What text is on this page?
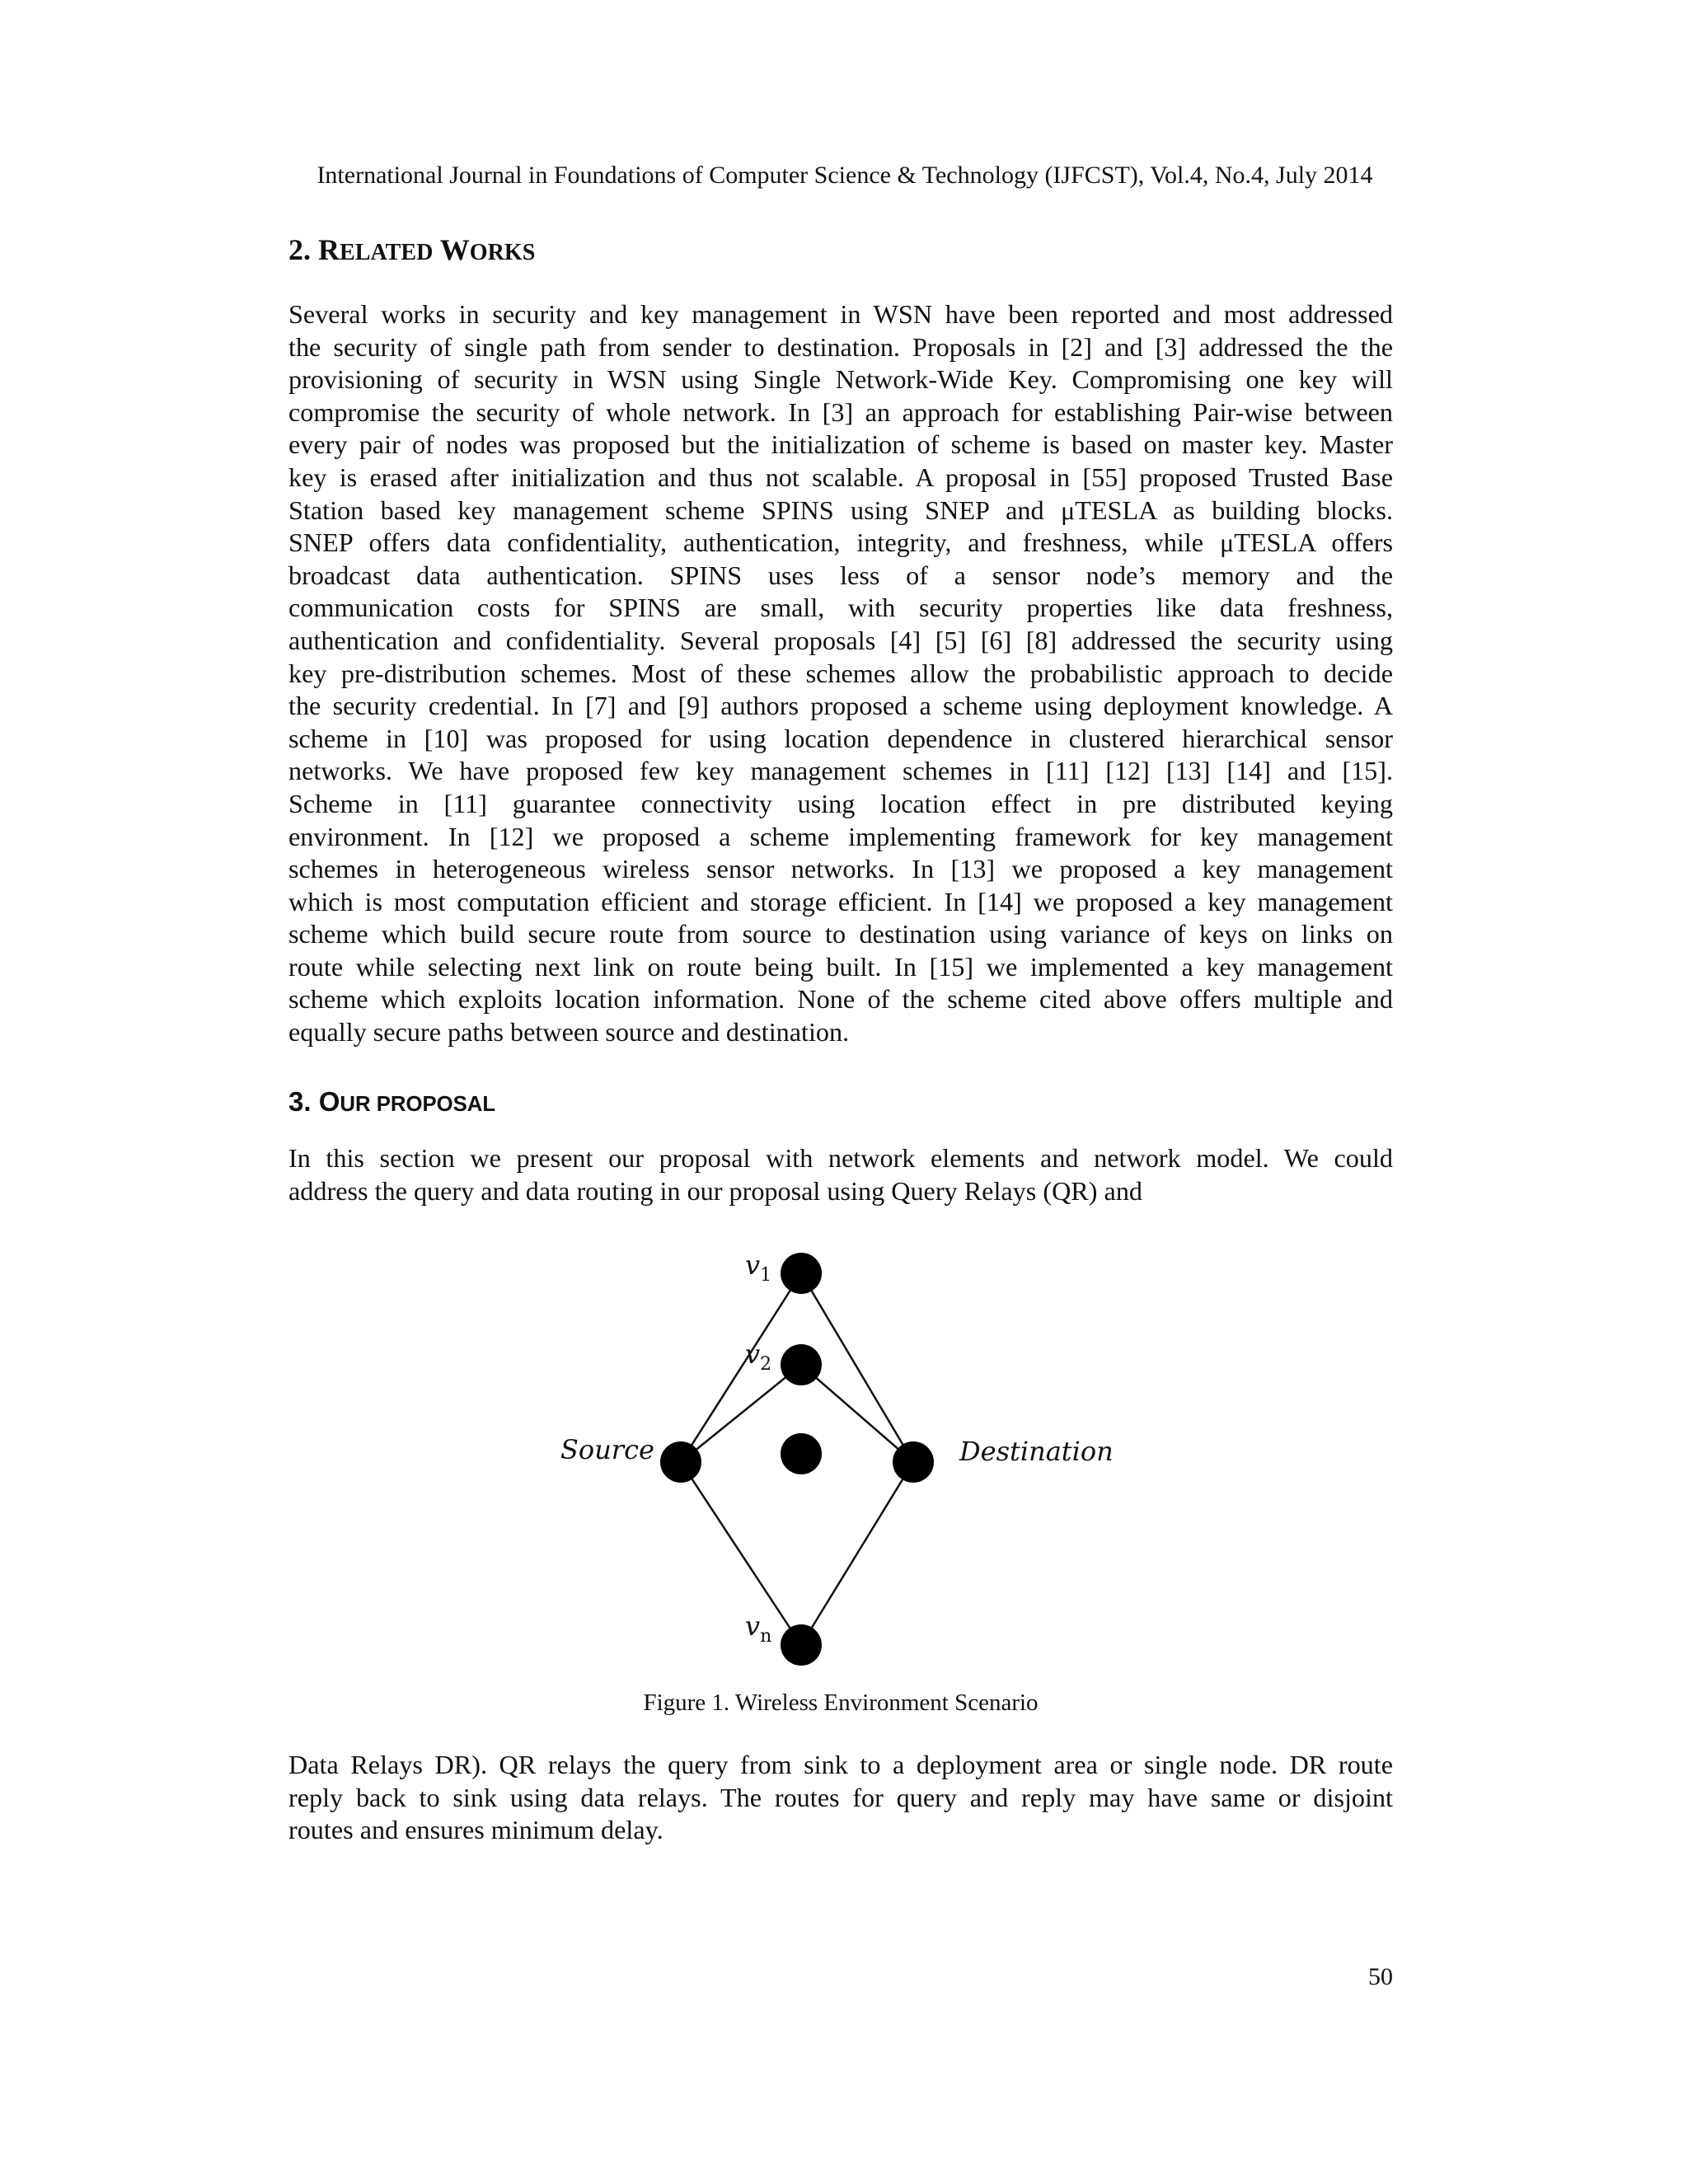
International Journal in Foundations of Computer Science & Technology (IJFCST), Vol.4, No.4, July 2014
2. RELATED WORKS
Several works in security and key management in WSN have been reported and most addressed
the security of single path from sender to destination. Proposals in [2] and [3] addressed the the
provisioning of security in WSN using Single Network-Wide Key. Compromising one key will
compromise the security of whole network. In [3] an approach for establishing Pair-wise between
every pair of nodes was proposed but the initialization of scheme is based on master key. Master
key is erased after initialization and thus not scalable. A proposal in [55] proposed Trusted Base
Station based key management scheme SPINS using SNEP and μTESLA as building blocks.
SNEP offers data confidentiality, authentication, integrity, and freshness, while μTESLA offers
broadcast data authentication. SPINS uses less of a sensor node’s memory and the
communication costs for SPINS are small, with security properties like data freshness,
authentication and confidentiality. Several proposals [4] [5] [6] [8] addressed the security using
key pre-distribution schemes. Most of these schemes allow the probabilistic approach to decide
the security credential. In [7] and [9] authors proposed a scheme using deployment knowledge. A
scheme in [10] was proposed for using location dependence in clustered hierarchical sensor
networks. We have proposed few key management schemes in [11] [12] [13] [14] and [15].
Scheme in [11] guarantee connectivity using location effect in pre distributed keying
environment. In [12] we proposed a scheme implementing framework for key management
schemes in heterogeneous wireless sensor networks. In [13] we proposed a key management
which is most computation efficient and storage efficient. In [14] we proposed a key management
scheme which build secure route from source to destination using variance of keys on links on
route while selecting next link on route being built. In [15] we implemented a key management
scheme which exploits location information. None of the scheme cited above offers multiple and
equally secure paths between source and destination.
3. OUR PROPOSAL
In this section we present our proposal with network elements and network model. We could
address the query and data routing in our proposal using Query Relays (QR) and
v1
v2
vn
Source	Destination
Figure 1. Wireless Environment Scenario
Data Relays DR). QR relays the query from sink to a deployment area or single node. DR route
reply back to sink using data relays. The routes for query and reply may have same or disjoint
routes and ensures minimum delay.
50
